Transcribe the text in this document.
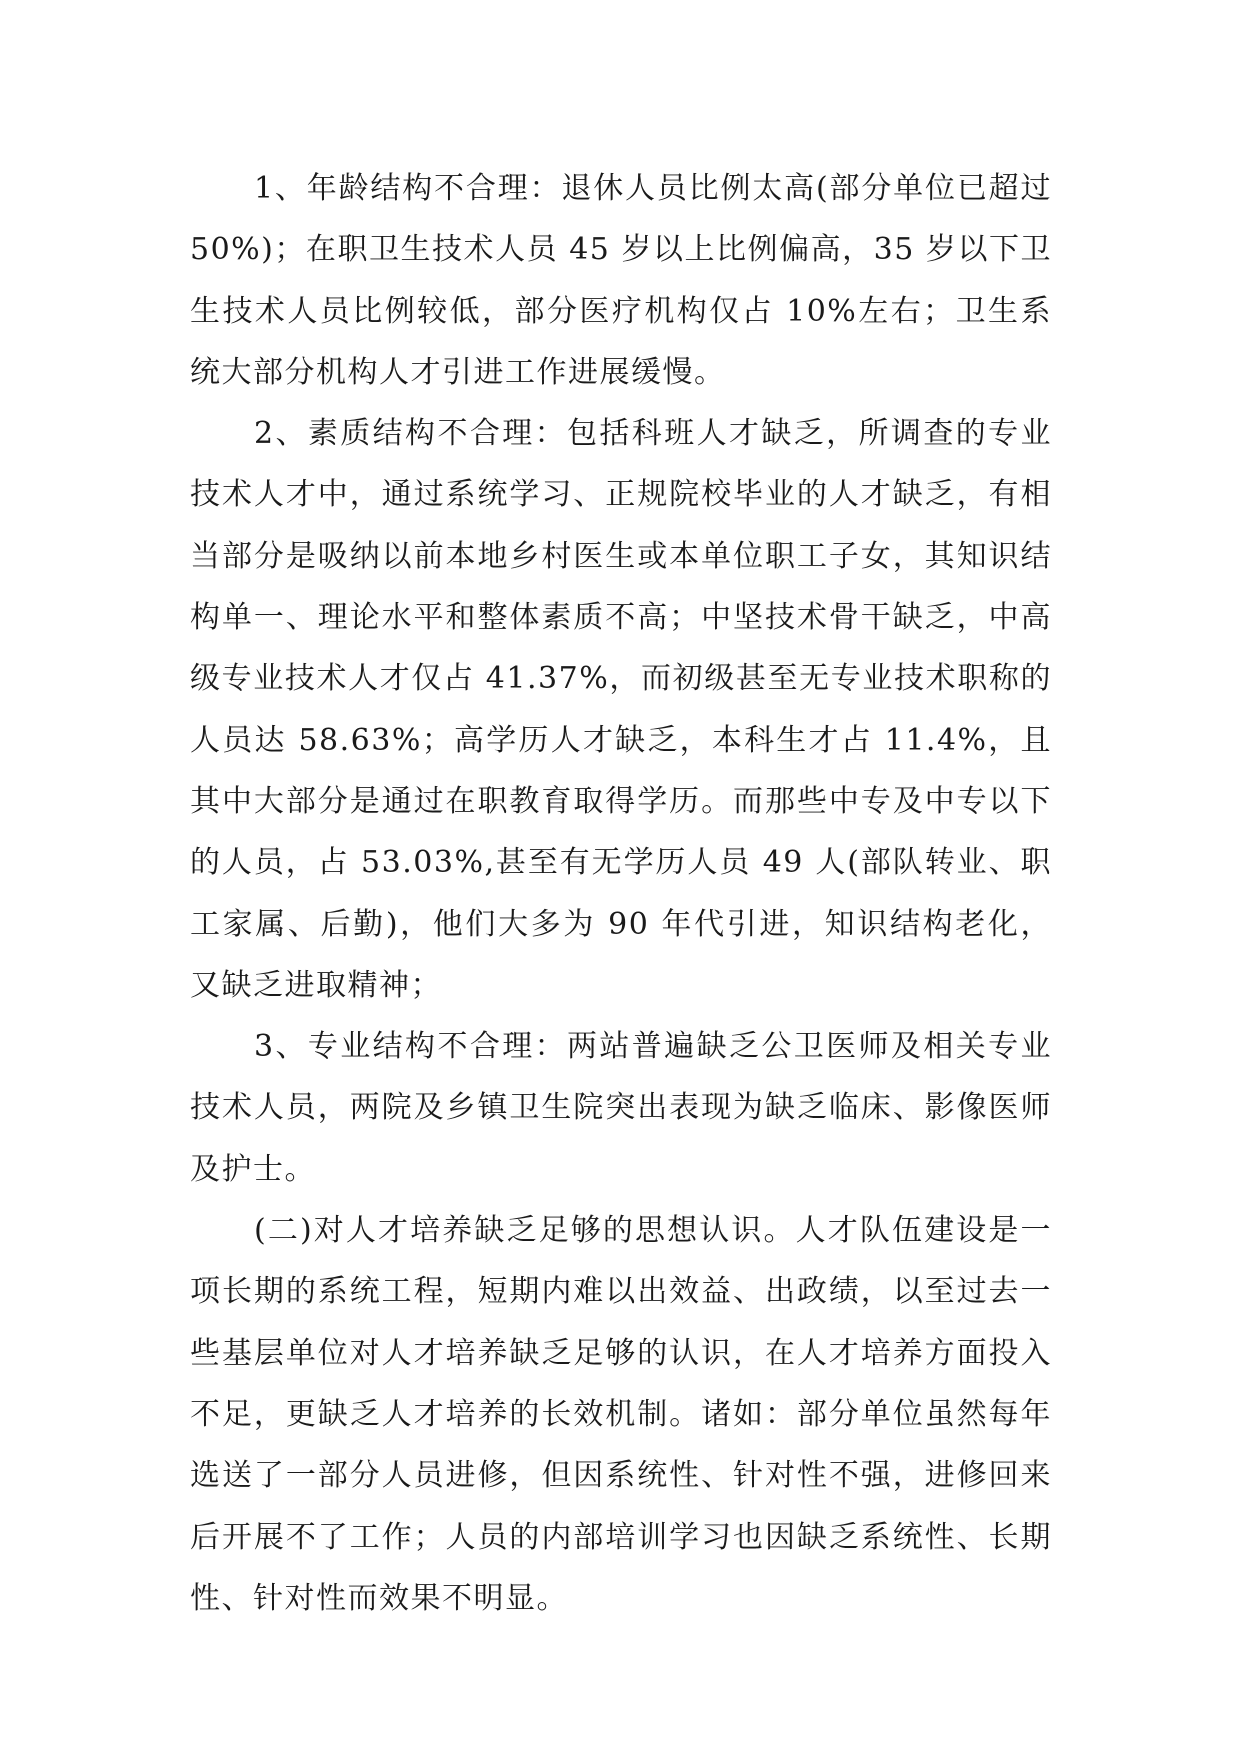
1、年龄结构不合理：退休人员比例太高(部分单位已超过 50%)；在职卫生技术人员 45 岁以上比例偏高，35 岁以下卫生技术人员比例较低，部分医疗机构仅占 10%左右；卫生系统大部分机构人才引进工作进展缓慢。

2、素质结构不合理：包括科班人才缺乏，所调查的专业技术人才中，通过系统学习、正规院校毕业的人才缺乏，有相当部分是吸纳以前本地乡村医生或本单位职工子女，其知识结构单一、理论水平和整体素质不高；中坚技术骨干缺乏，中高级专业技术人才仅占 41.37%，而初级甚至无专业技术职称的人员达 58.63%；高学历人才缺乏，本科生才占 11.4%，且其中大部分是通过在职教育取得学历。而那些中专及中专以下的人员，占 53.03%,甚至有无学历人员 49 人(部队转业、职工家属、后勤)，他们大多为 90 年代引进，知识结构老化，又缺乏进取精神；

3、专业结构不合理：两站普遍缺乏公卫医师及相关专业技术人员，两院及乡镇卫生院突出表现为缺乏临床、影像医师及护士。

(二)对人才培养缺乏足够的思想认识。人才队伍建设是一项长期的系统工程，短期内难以出效益、出政绩，以至过去一些基层单位对人才培养缺乏足够的认识，在人才培养方面投入不足，更缺乏人才培养的长效机制。诸如：部分单位虽然每年选送了一部分人员进修，但因系统性、针对性不强，进修回来后开展不了工作；人员的内部培训学习也因缺乏系统性、长期性、针对性而效果不明显。
